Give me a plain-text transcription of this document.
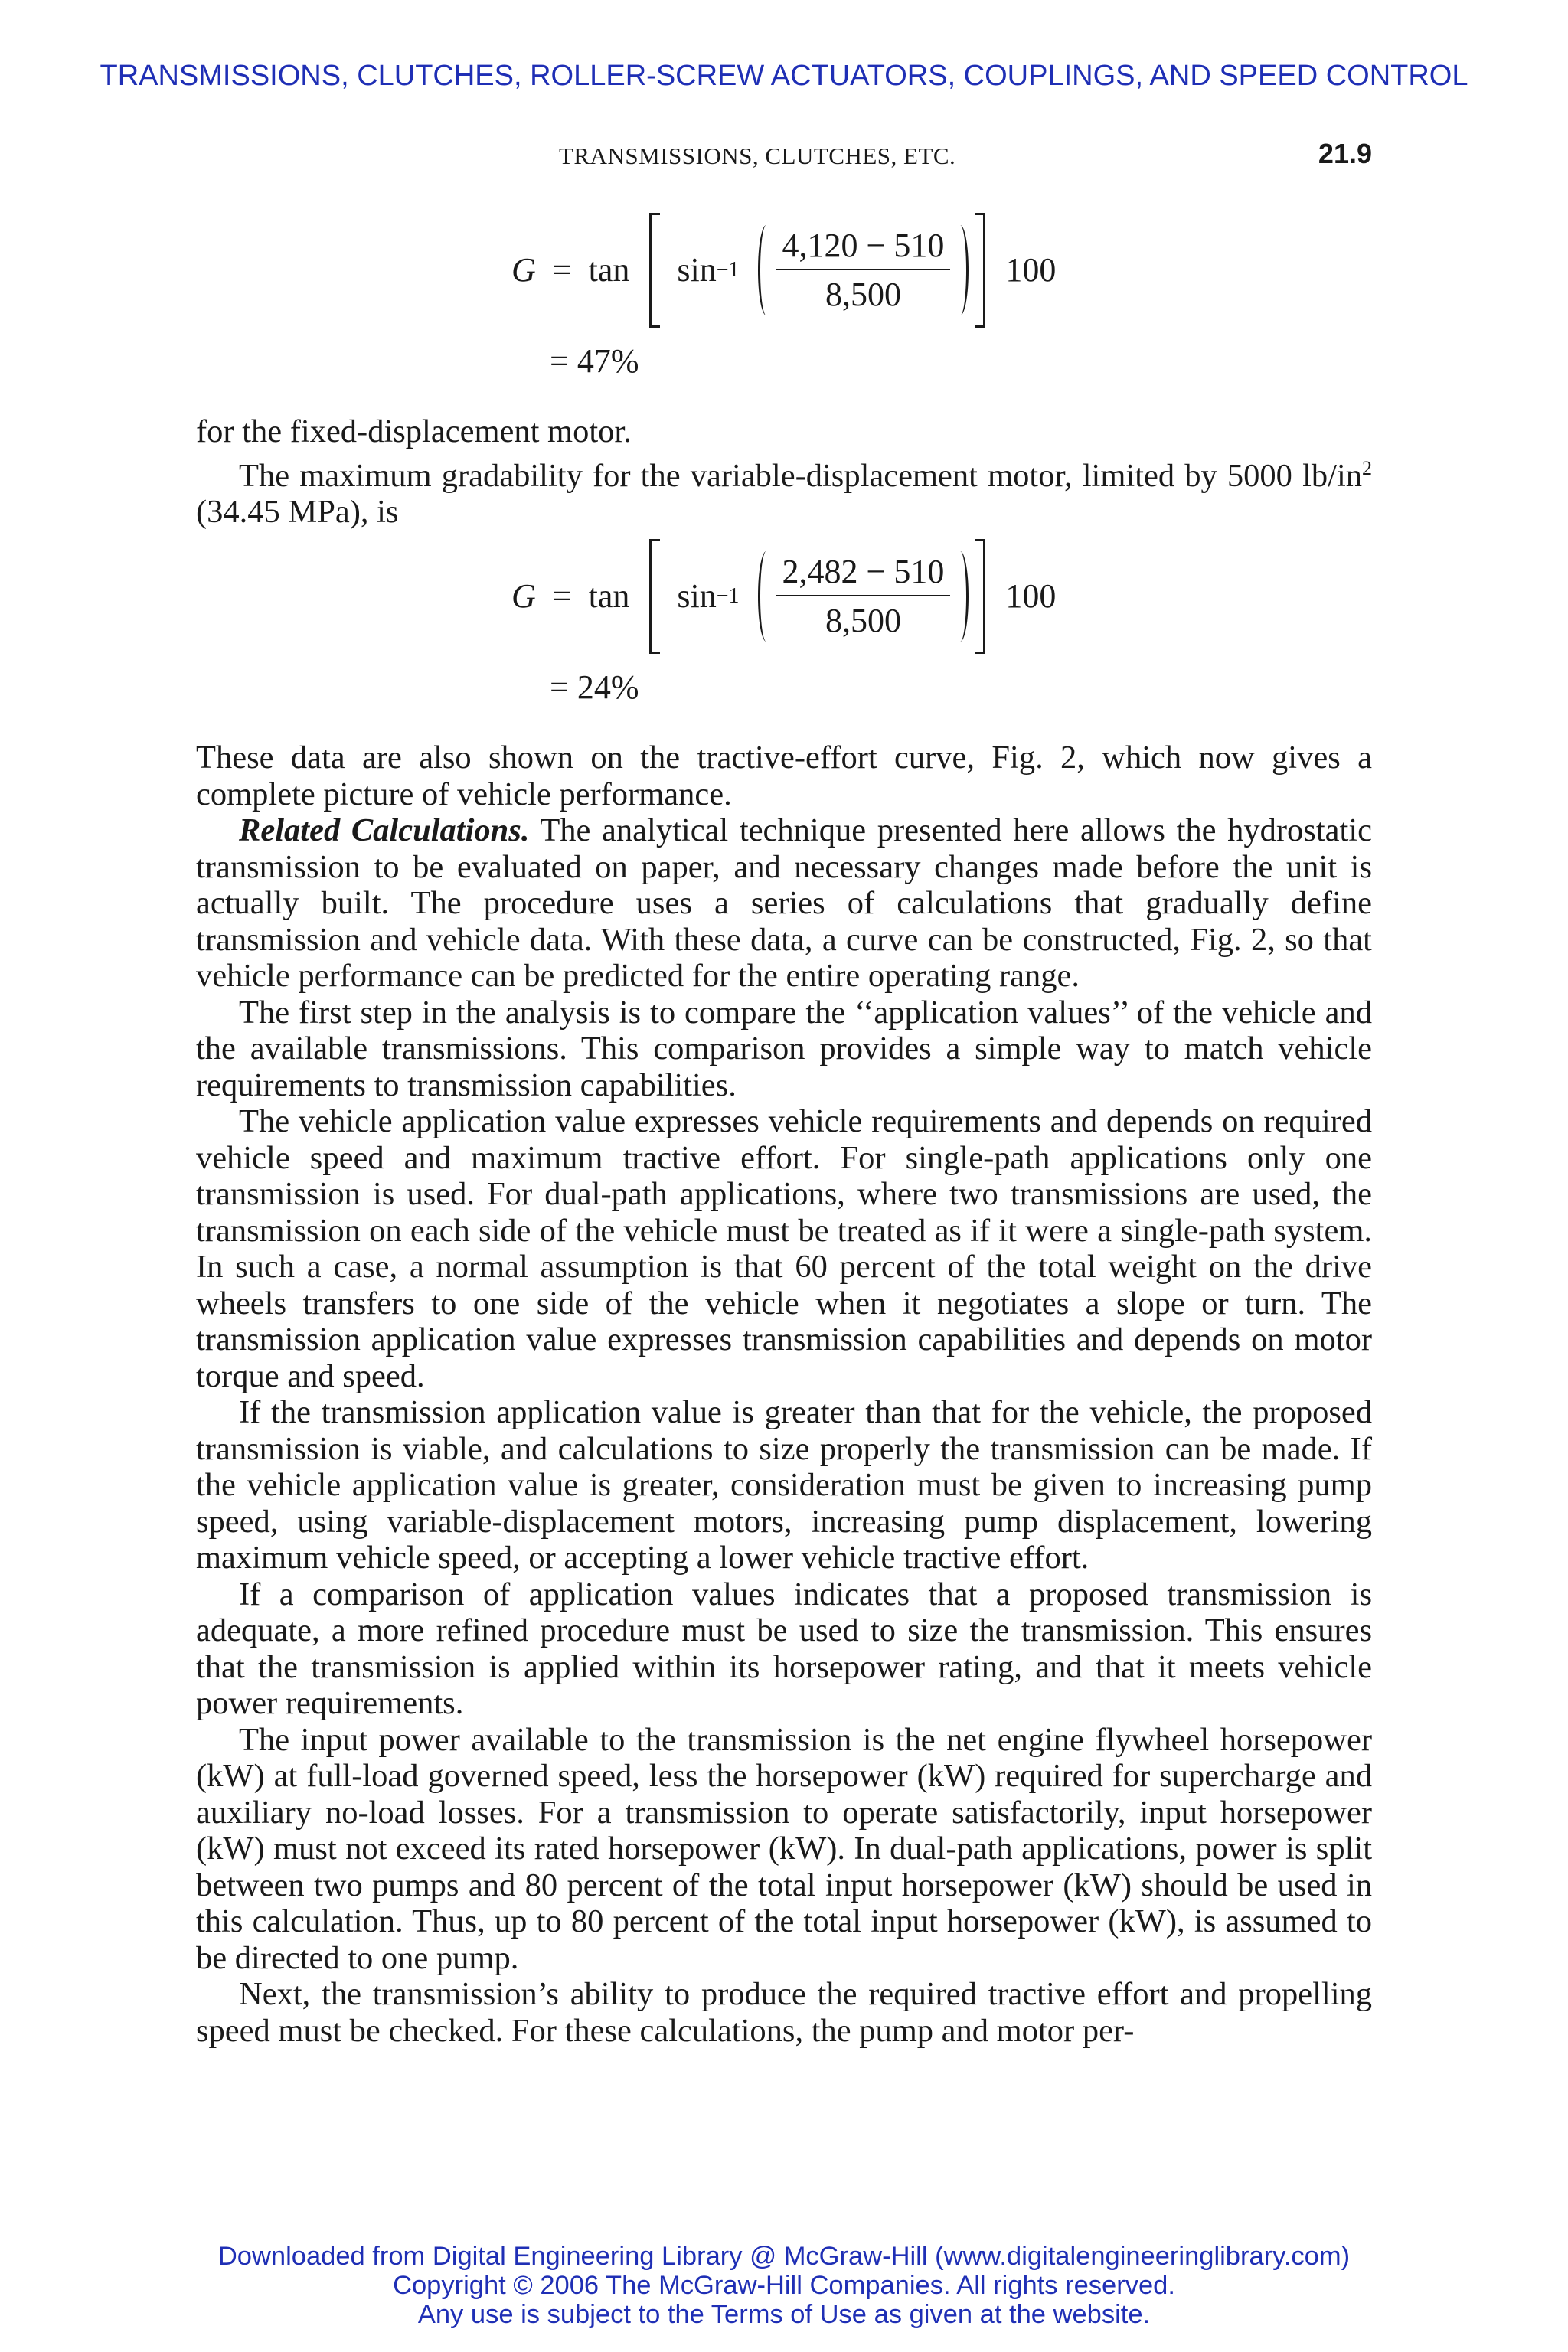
TRANSMISSIONS, CLUTCHES, ROLLER-SCREW ACTUATORS, COUPLINGS, AND SPEED CONTROL
TRANSMISSIONS, CLUTCHES, ETC.	21.9
$G = \tan \sin -1 \frac{4,120 - 510}{8,500} 100$
= 47%

for the fixed-displacement motor.

The maximum gradability for the variable-displacement motor, limited by 5000 $lb/in^2$ (34.45 MPa), is

$G = \tan \sin -1 \frac{2,482 - 510}{8,500} 100$
= 24%

These data are also shown on the tractive-effort curve, Fig. 2, which now gives a complete picture of vehicle performance.

Related Calculations. The analytical technique presented here allows the hydrostatic transmission to be evaluated on paper, and necessary changes made before the unit is actually built. The procedure uses a series of calculations that gradually define transmission and vehicle data. With these data, a curve can be constructed, Fig. 2, so that vehicle performance can be predicted for the entire operating range.

The first step in the analysis is to compare the ‘‘application values’’ of the vehicle and the available transmissions. This comparison provides a simple way to match vehicle requirements to transmission capabilities.

The vehicle application value expresses vehicle requirements and depends on required vehicle speed and maximum tractive effort. For single-path applications only one transmission is used. For dual-path applications, where two transmissions are used, the transmission on each side of the vehicle must be treated as if it were a single-path system. In such a case, a normal assumption is that 60 percent of the total weight on the drive wheels transfers to one side of the vehicle when it negotiates a slope or turn. The transmission application value expresses transmission capabilities and depends on motor torque and speed.

If the transmission application value is greater than that for the vehicle, the proposed transmission is viable, and calculations to size properly the transmission can be made. If the vehicle application value is greater, consideration must be given to increasing pump speed, using variable-displacement motors, increasing pump displacement, lowering maximum vehicle speed, or accepting a lower vehicle tractive effort.

If a comparison of application values indicates that a proposed transmission is adequate, a more refined procedure must be used to size the transmission. This ensures that the transmission is applied within its horsepower rating, and that it meets vehicle power requirements.

The input power available to the transmission is the net engine flywheel horsepower (kW) at full-load governed speed, less the horsepower (kW) required for supercharge and auxiliary no-load losses. For a transmission to operate satisfactorily, input horsepower (kW) must not exceed its rated horsepower (kW). In dual-path applications, power is split between two pumps and 80 percent of the total input horsepower (kW) should be used in this calculation. Thus, up to 80 percent of the total input horsepower (kW), is assumed to be directed to one pump.

Next, the transmission’s ability to produce the required tractive effort and propelling speed must be checked. For these calculations, the pump and motor per-

Downloaded from Digital Engineering Library @ McGraw-Hill (www.digitalengineeringlibrary.com)
Copyright © 2006 The McGraw-Hill Companies. All rights reserved.
Any use is subject to the Terms of Use as given at the website.
